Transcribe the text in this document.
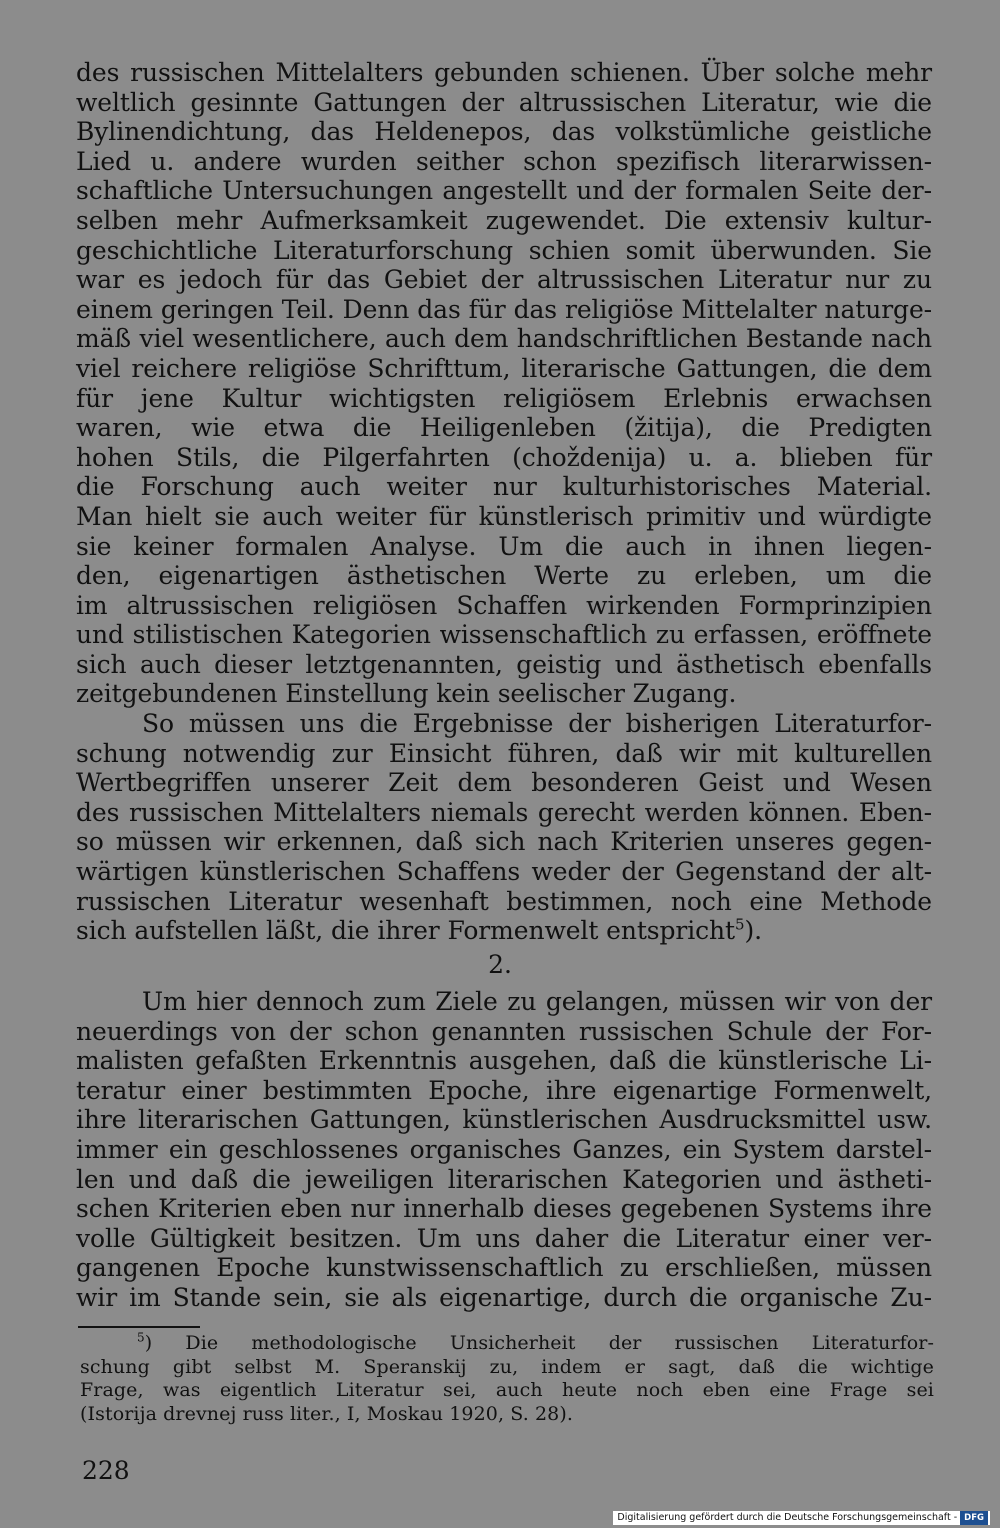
des russischen Mittelalters gebunden schienen. Über solche mehr
weltlich gesinnte Gattungen der altrussischen Literatur, wie die
Bylinendichtung, das Heldenepos, das volkstümliche geistliche
Lied u. andere wurden seither schon spezifisch literarwissen-
schaftliche Untersuchungen angestellt und der formalen Seite der-
selben mehr Aufmerksamkeit zugewendet. Die extensiv kultur-
geschichtliche Literaturforschung schien somit überwunden. Sie
war es jedoch für das Gebiet der altrussischen Literatur nur zu
einem geringen Teil. Denn das für das religiöse Mittelalter naturge-
mäß viel wesentlichere, auch dem handschriftlichen Bestande nach
viel reichere religiöse Schrifttum, literarische Gattungen, die dem
für jene Kultur wichtigsten religiösem Erlebnis erwachsen
waren, wie etwa die Heiligenleben (žitija), die Predigten
hohen Stils, die Pilgerfahrten (choždenija) u. a. blieben für
die Forschung auch weiter nur kulturhistorisches Material.
Man hielt sie auch weiter für künstlerisch primitiv und würdigte
sie keiner formalen Analyse. Um die auch in ihnen liegen-
den, eigenartigen ästhetischen Werte zu erleben, um die
im altrussischen religiösen Schaffen wirkenden Formprinzipien
und stilistischen Kategorien wissenschaftlich zu erfassen, eröffnete
sich auch dieser letztgenannten, geistig und ästhetisch ebenfalls
zeitgebundenen Einstellung kein seelischer Zugang.
So müssen uns die Ergebnisse der bisherigen Literaturfor-
schung notwendig zur Einsicht führen, daß wir mit kulturellen
Wertbegriffen unserer Zeit dem besonderen Geist und Wesen
des russischen Mittelalters niemals gerecht werden können. Eben-
so müssen wir erkennen, daß sich nach Kriterien unseres gegen-
wärtigen künstlerischen Schaffens weder der Gegenstand der alt-
russischen Literatur wesenhaft bestimmen, noch eine Methode
sich aufstellen läßt, die ihrer Formenwelt entspricht$^5$).
2.
Um hier dennoch zum Ziele zu gelangen, müssen wir von der
neuerdings von der schon genannten russischen Schule der For-
malisten gefaßten Erkenntnis ausgehen, daß die künstlerische Li-
teratur einer bestimmten Epoche, ihre eigenartige Formenwelt,
ihre literarischen Gattungen, künstlerischen Ausdrucksmittel usw.
immer ein geschlossenes organisches Ganzes, ein System darstel-
len und daß die jeweiligen literarischen Kategorien und ästheti-
schen Kriterien eben nur innerhalb dieses gegebenen Systems ihre
volle Gültigkeit besitzen. Um uns daher die Literatur einer ver-
gangenen Epoche kunstwissenschaftlich zu erschließen, müssen
wir im Stande sein, sie als eigenartige, durch die organische Zu-
$^5$) Die methodologische Unsicherheit der russischen Literaturfor-
schung gibt selbst M. Speranskij zu, indem er sagt, daß die wichtige
Frage, was eigentlich Literatur sei, auch heute noch eben eine Frage sei
(Istorija drevnej russ liter., I, Moskau 1920, S. 28).
228
Digitalisierung gefördert durch die Deutsche Forschungsgemeinschaft - DFG
